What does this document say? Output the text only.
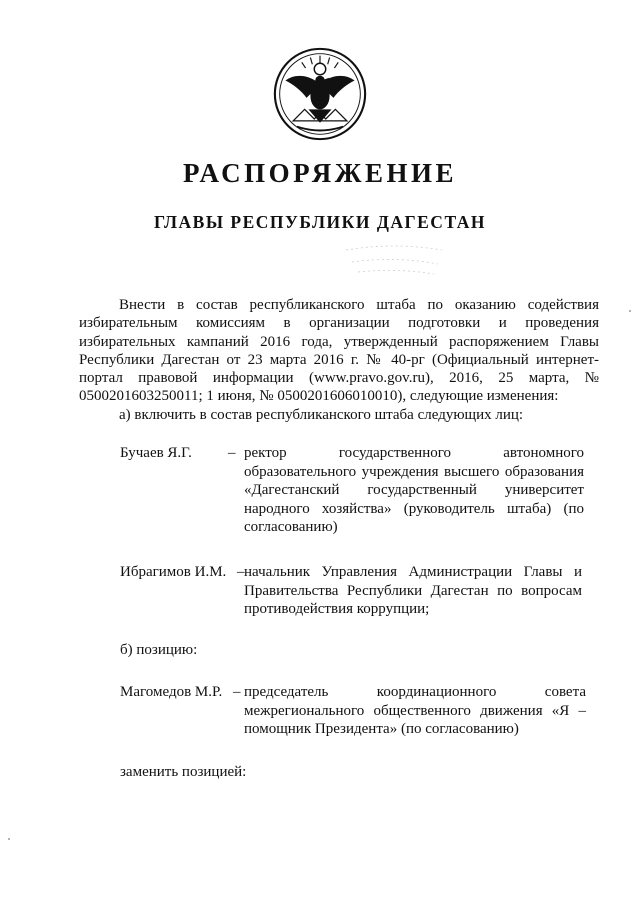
РАСПОРЯЖЕНИЕ
ГЛАВЫ РЕСПУБЛИКИ ДАГЕСТАН
Внести в состав республиканского штаба по оказанию содействия избирательным комиссиям в организации подготовки и проведения избирательных кампаний 2016 года, утвержденный распоряжением Главы Республики Дагестан от 23 марта 2016 г. № 40-рг (Официальный интернет-портал правовой информации (www.pravo.gov.ru), 2016, 25 марта, № 0500201603250011; 1 июня, № 0500201606010010), следующие изменения:
а) включить в состав республиканского штаба следующих лиц:
Бучаев Я.Г. – ректор государственного автономного образовательного учреждения высшего образования «Дагестанский государственный университет народного хозяйства» (руководитель штаба) (по согласованию)
Ибрагимов И.М. – начальник Управления Администрации Главы и Правительства Республики Дагестан по вопросам противодействия коррупции;
б) позицию:
Магомедов М.Р. – председатель координационного совета межрегионального общественного движения «Я – помощник Президента» (по согласованию)
заменить позицией:
